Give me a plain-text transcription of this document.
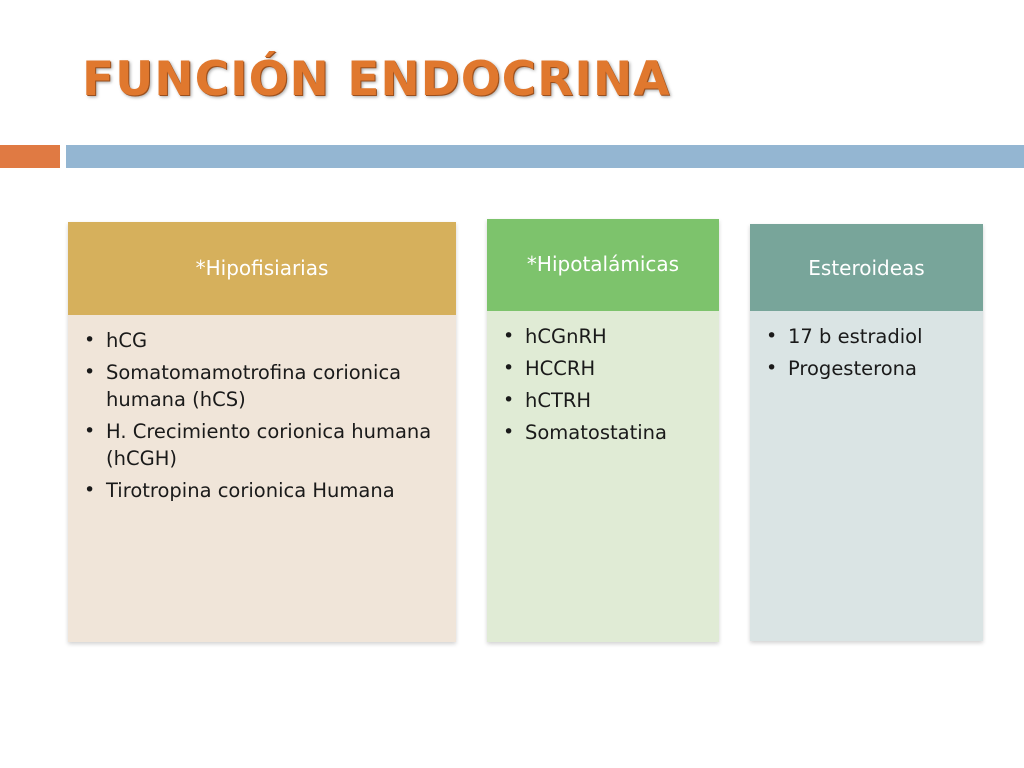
FUNCIÓN ENDOCRINA
*Hipofisiarias
• hCG
• Somatomamotrofina corionica humana (hCS)
• H. Crecimiento corionica humana (hCGH)
• Tirotropina corionica Humana
*Hipotalámicas
• hCGnRH
• HCCRH
• hCTRH
• Somatostatina
Esteroideas
• 17 b estradiol
• Progesterona
